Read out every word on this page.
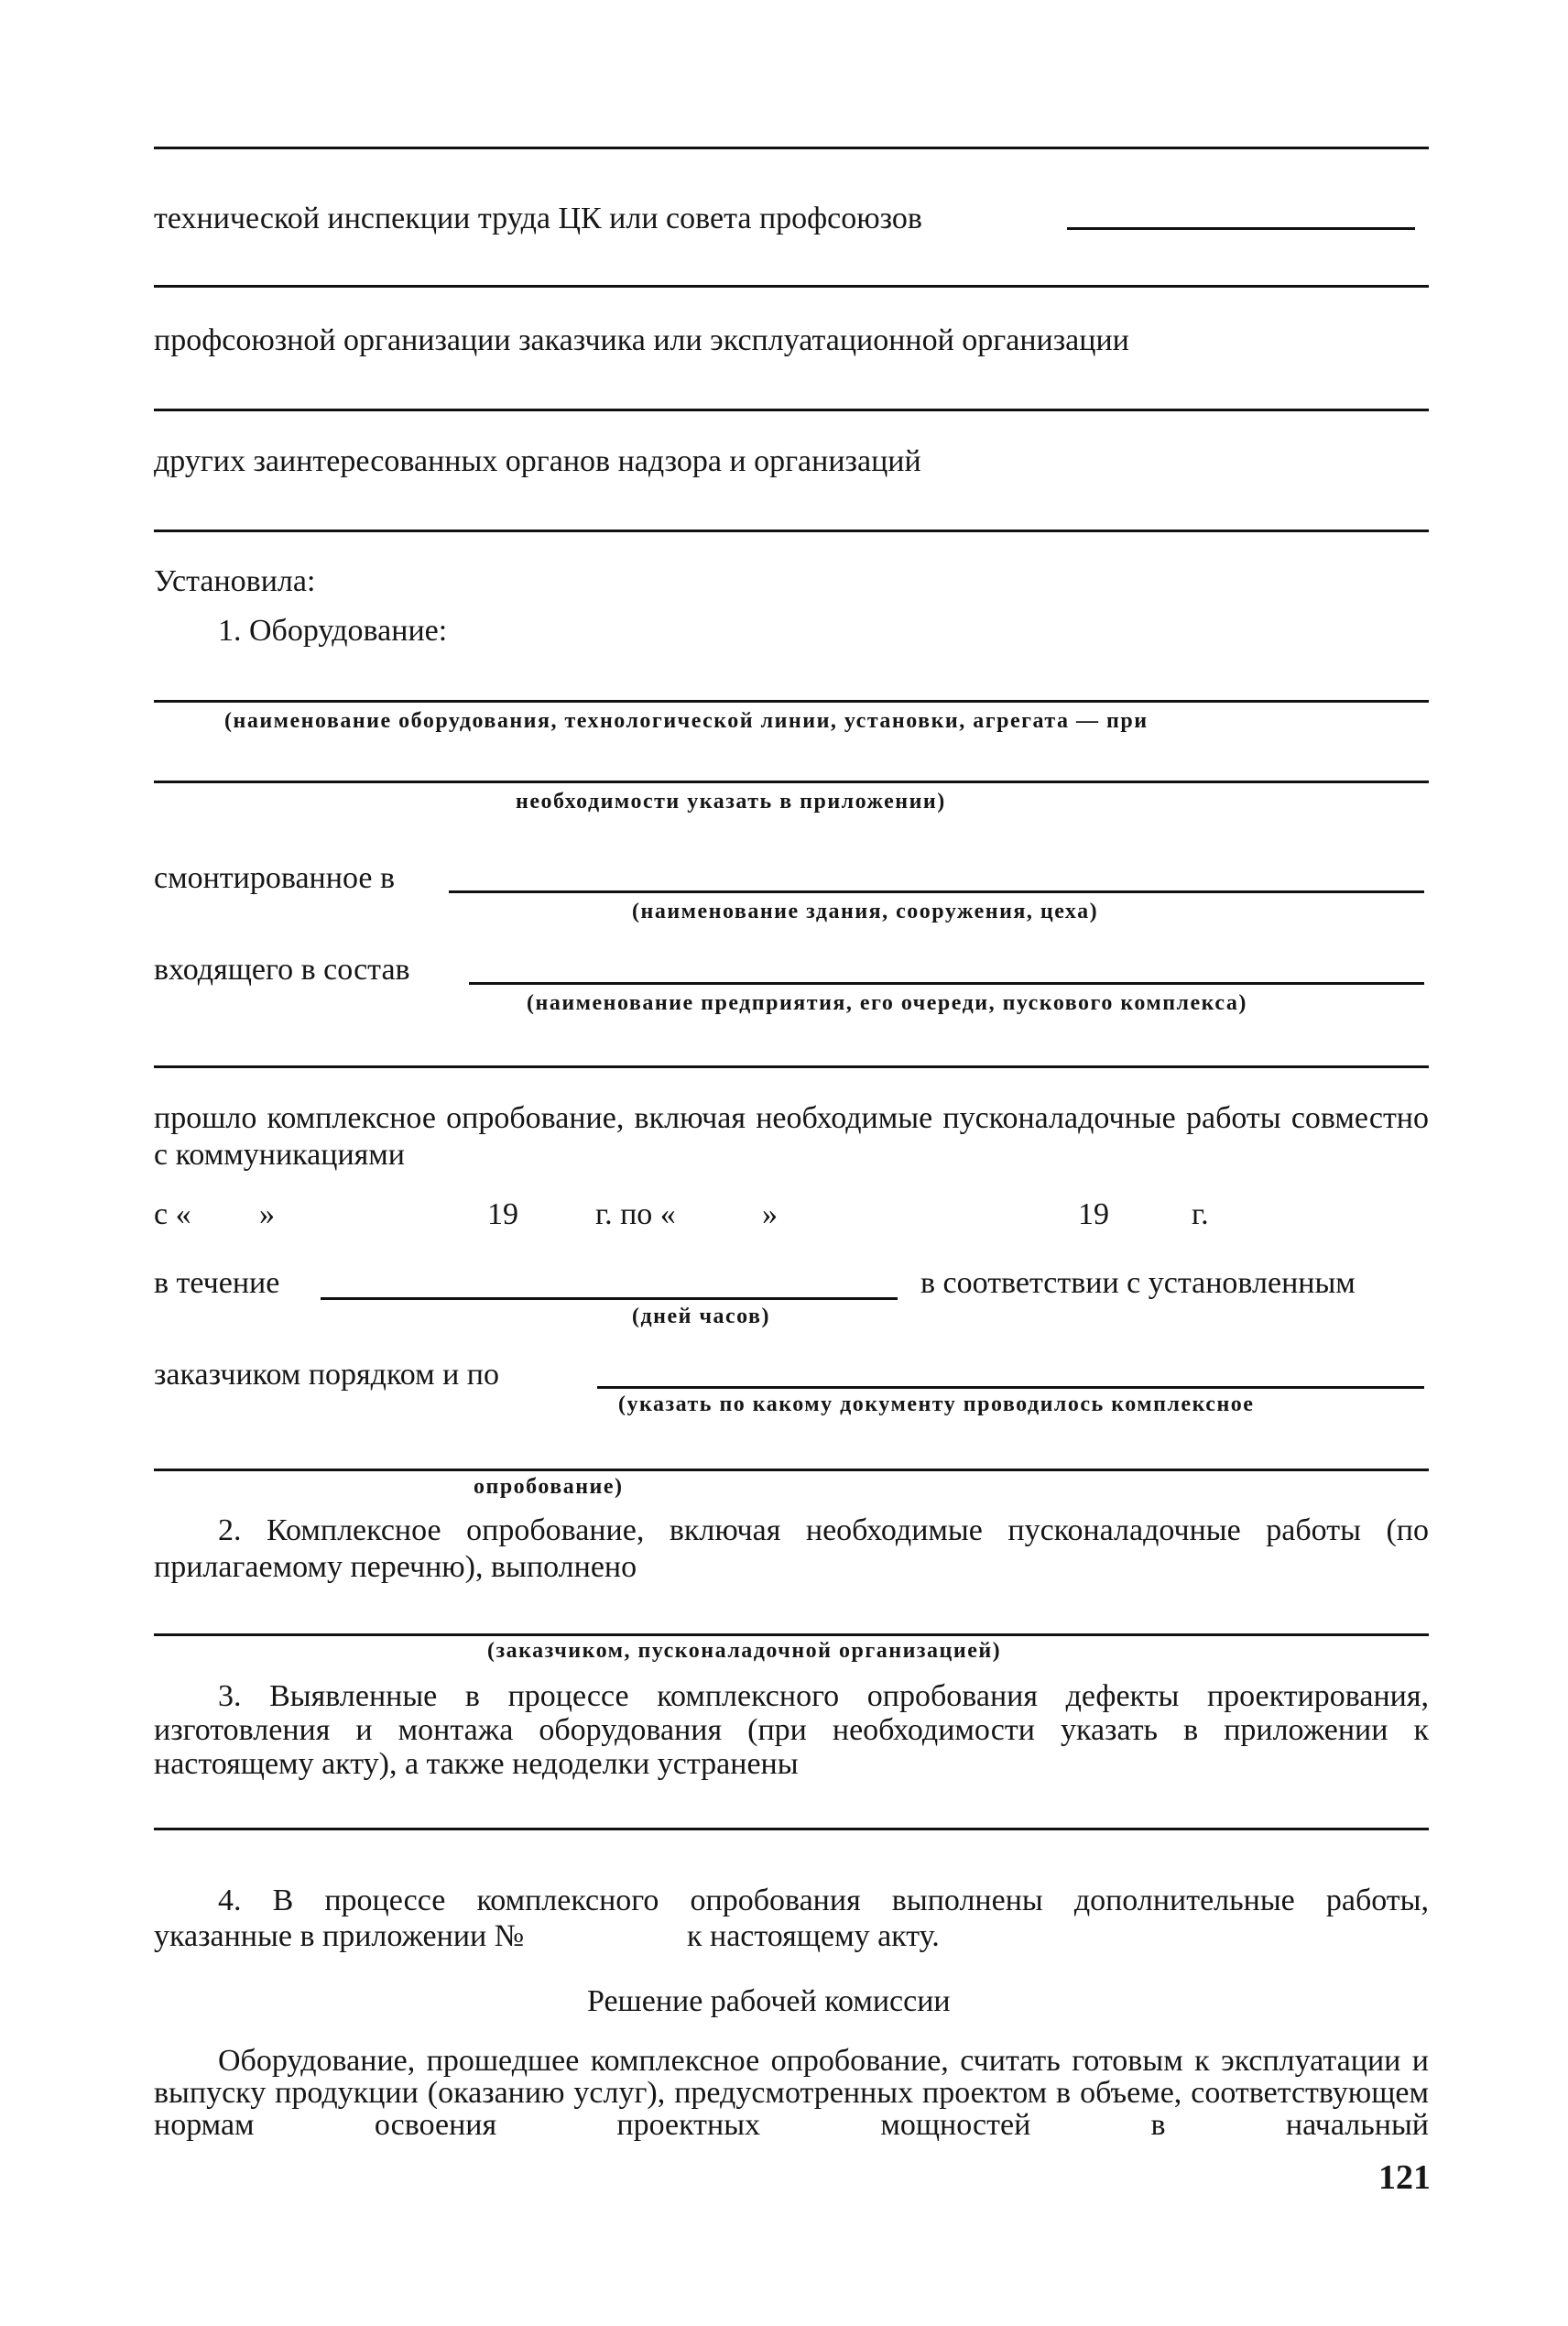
технической инспекции труда ЦК или совета профсоюзов
профсоюзной организации заказчика или эксплуатационной организации
других заинтересованных органов надзора и организаций
Установила:
1. Оборудование:
(наименование оборудования, технологической линии, установки, агрегата — при
необходимости указать в приложении)
смонтированное в
(наименование здания, сооружения, цеха)
входящего в состав
(наименование предприятия, его очереди, пускового комплекса)
прошло комплексное опробование, включая необходимые пусконаладочные работы совместно с коммуникациями
с « »	19 г. по «	»	19	г.
в течение
(дней часов)
в соответствии с установленным
заказчиком порядком и по
(указать по какому документу проводилось комплексное
опробование)
2. Комплексное опробование, включая необходимые пусконаладочные работы (по прилагаемому перечню), выполнено
(заказчиком, пусконаладочной организацией)
3. Выявленные в процессе комплексного опробования дефекты проектирования, изготовления и монтажа оборудования (при необходимости указать в приложении к настоящему акту), а также недоделки устранены
4. В процессе комплексного опробования выполнены дополнительные работы,
указанные в приложении №	к настоящему акту.
Решение рабочей комиссии
Оборудование, прошедшее комплексное опробование, считать готовым к эксплуатации и выпуску продукции (оказанию услуг), предусмотренных проектом в объеме, соответствующем нормам освоения проектных мощностей в начальный
121
